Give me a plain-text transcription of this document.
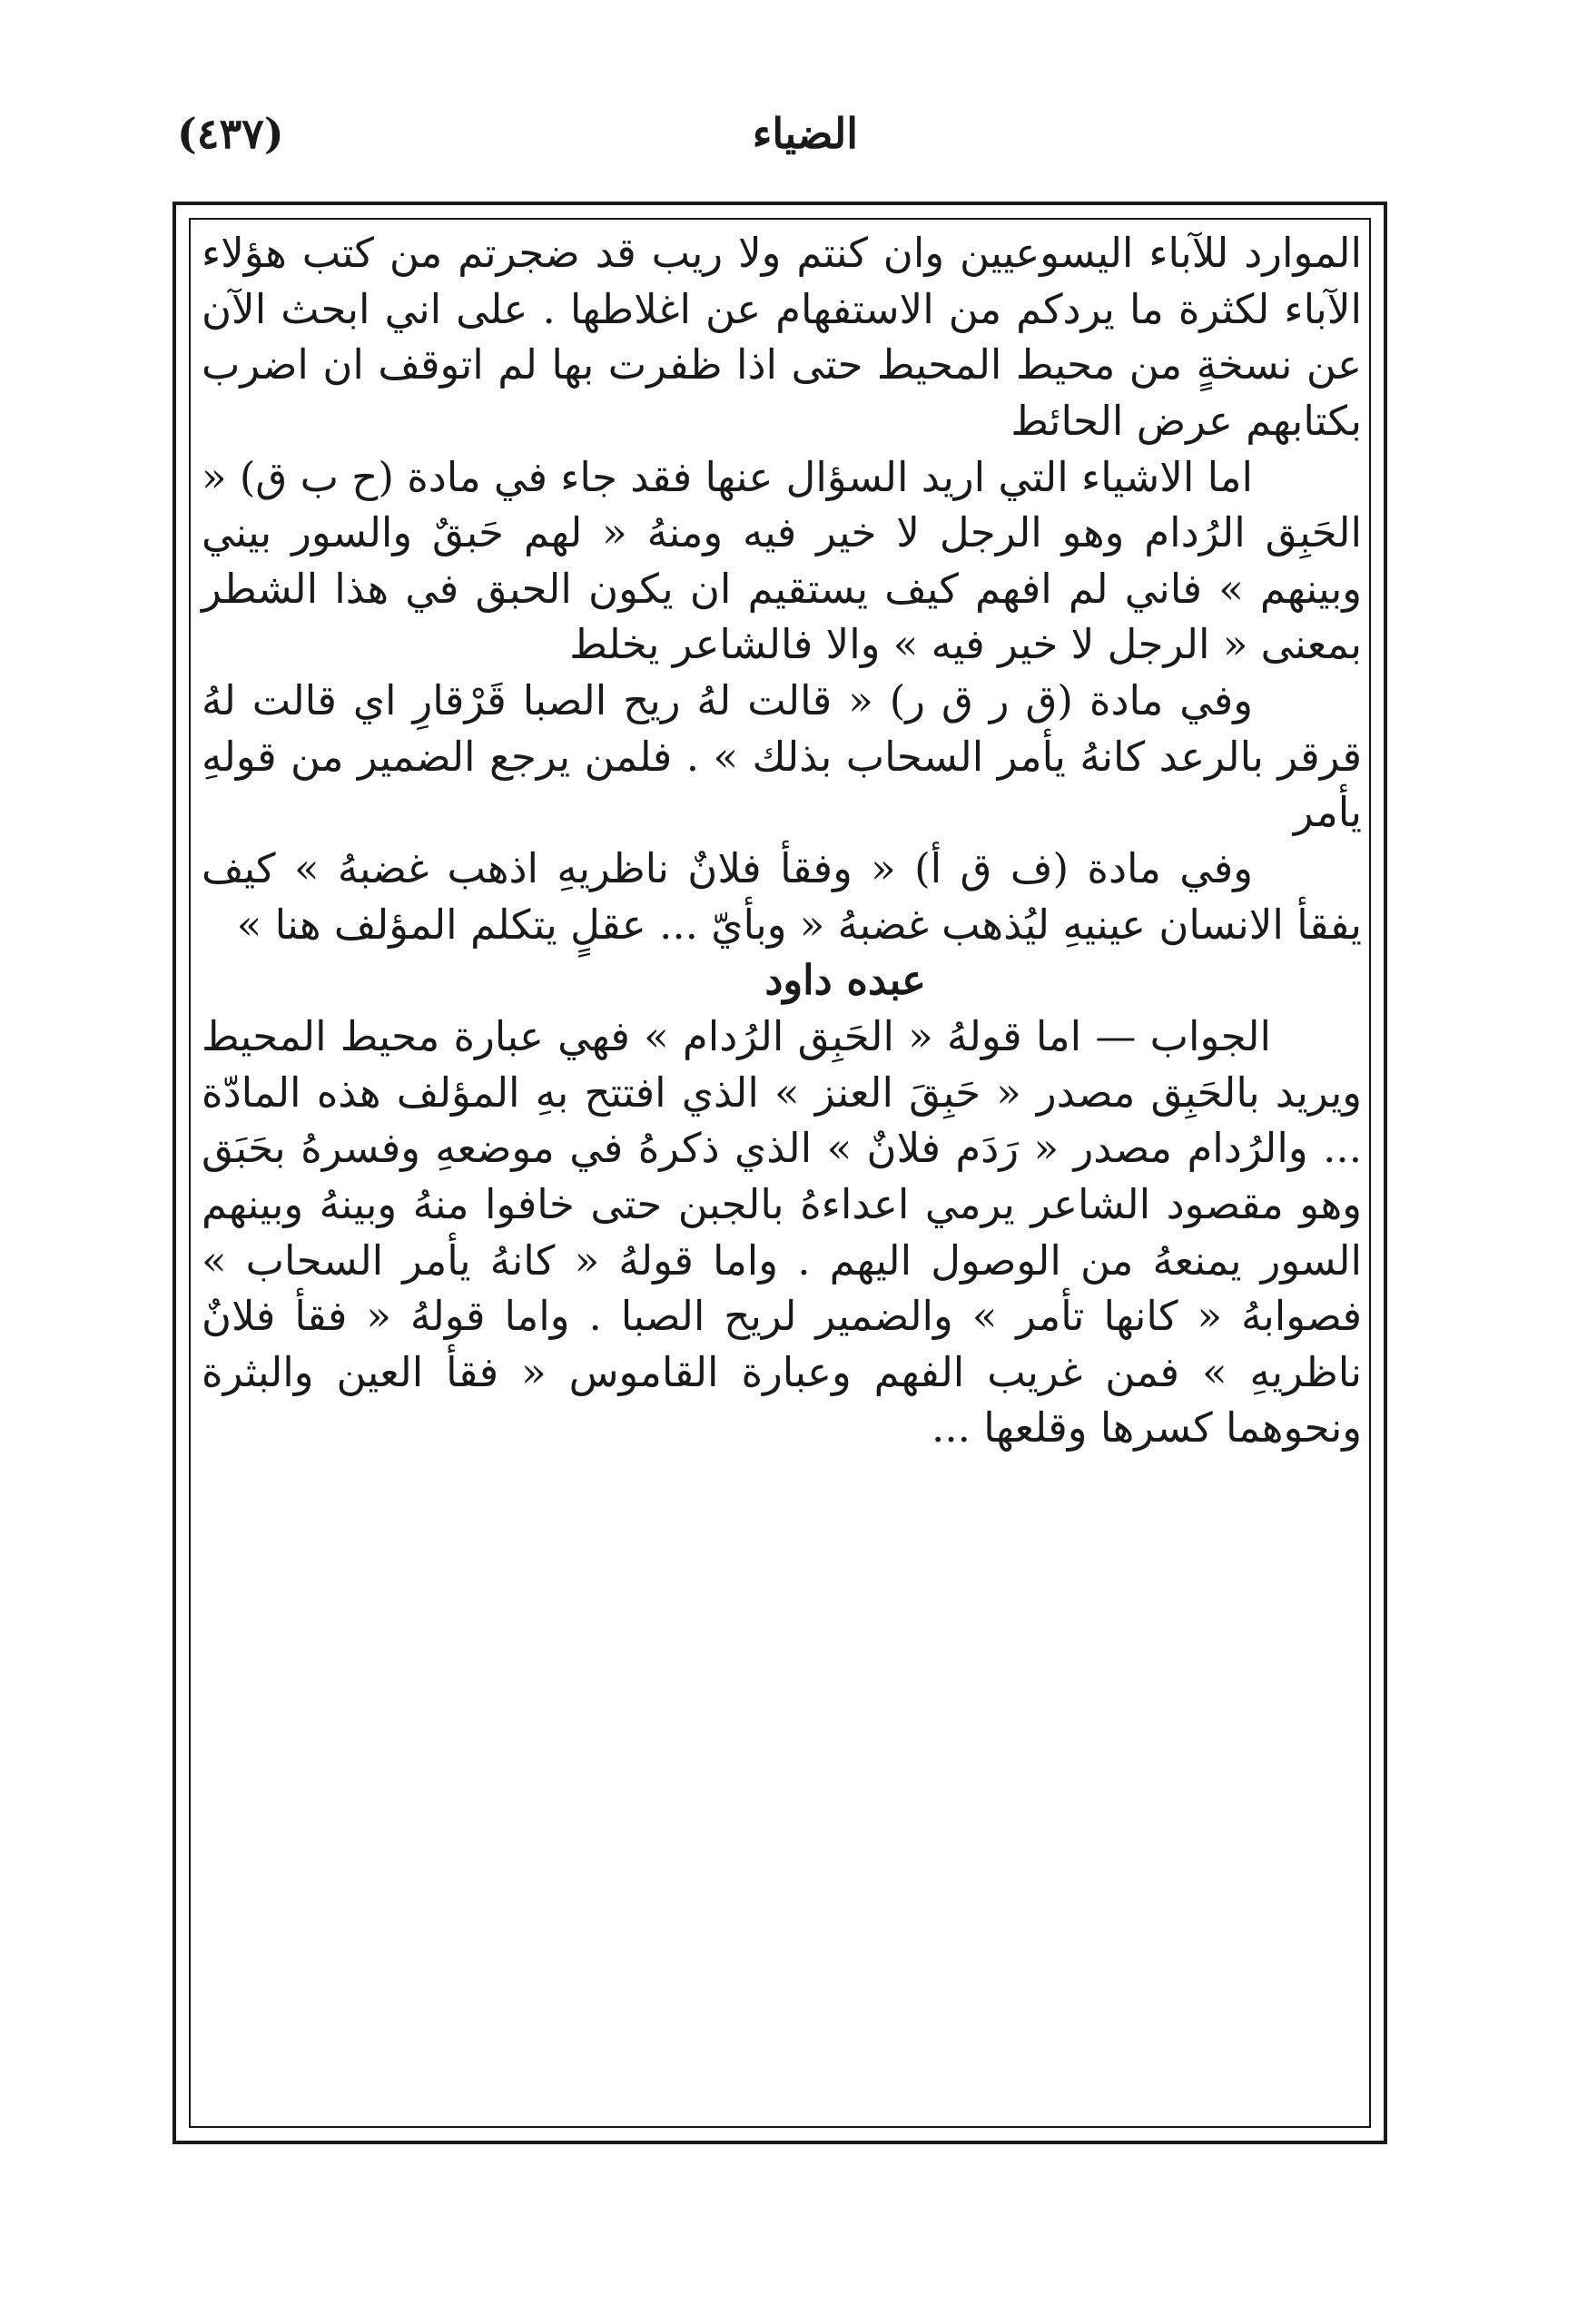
الضياء
(٤٣٧)

الموارد للآباء اليسوعيين وان كنتم ولا ريب قد ضجرتم من كتب هؤلاء الآباء لكثرة ما يردكم من الاستفهام عن اغلاطها . على اني ابحث الآن عن نسخةٍ من محيط المحيط حتى اذا ظفرت بها لم اتوقف ان اضرب بكتابهم عرض الحائط

اما الاشياء التي اريد السؤال عنها فقد جاء في مادة (ح ب ق) « الحَبِق الرُدام وهو الرجل لا خير فيه ومنهُ « لهم حَبقٌ والسور بيني وبينهم » فاني لم افهم كيف يستقيم ان يكون الحبق في هذا الشطر بمعنى « الرجل لا خير فيه » والا فالشاعر يخلط

وفي مادة (ق ر ق ر) « قالت لهُ ريح الصبا قَرْقارِ اي قالت لهُ قرقر بالرعد كانهُ يأمر السحاب بذلك » . فلمن يرجع الضمير من قولهِ يأمر

وفي مادة (ف ق أ) « وفقأ فلانٌ ناظريهِ اذهب غضبهُ » كيف يفقأ الانسان عينيهِ ليُذهب غضبهُ « وبأيّ ... عقلٍ يتكلم المؤلف هنا »

عبده داود

الجواب — اما قولهُ « الحَبِق الرُدام » فهي عبارة محيط المحيط ويريد بالحَبِق مصدر « حَبِقَ العنز » الذي افتتح بهِ المؤلف هذه المادّة ... والرُدام مصدر « رَدَم فلانٌ » الذي ذكرهُ في موضعهِ وفسرهُ بحَبَق وهو مقصود الشاعر يرمي اعداءهُ بالجبن حتى خافوا منهُ وبينهُ وبينهم السور يمنعهُ من الوصول اليهم . واما قولهُ « كانهُ يأمر السحاب » فصوابهُ « كانها تأمر » والضمير لريح الصبا . واما قولهُ « فقأ فلانٌ ناظريهِ » فمن غريب الفهم وعبارة القاموس « فقأ العين والبثرة ونحوهما كسرها وقلعها ...
